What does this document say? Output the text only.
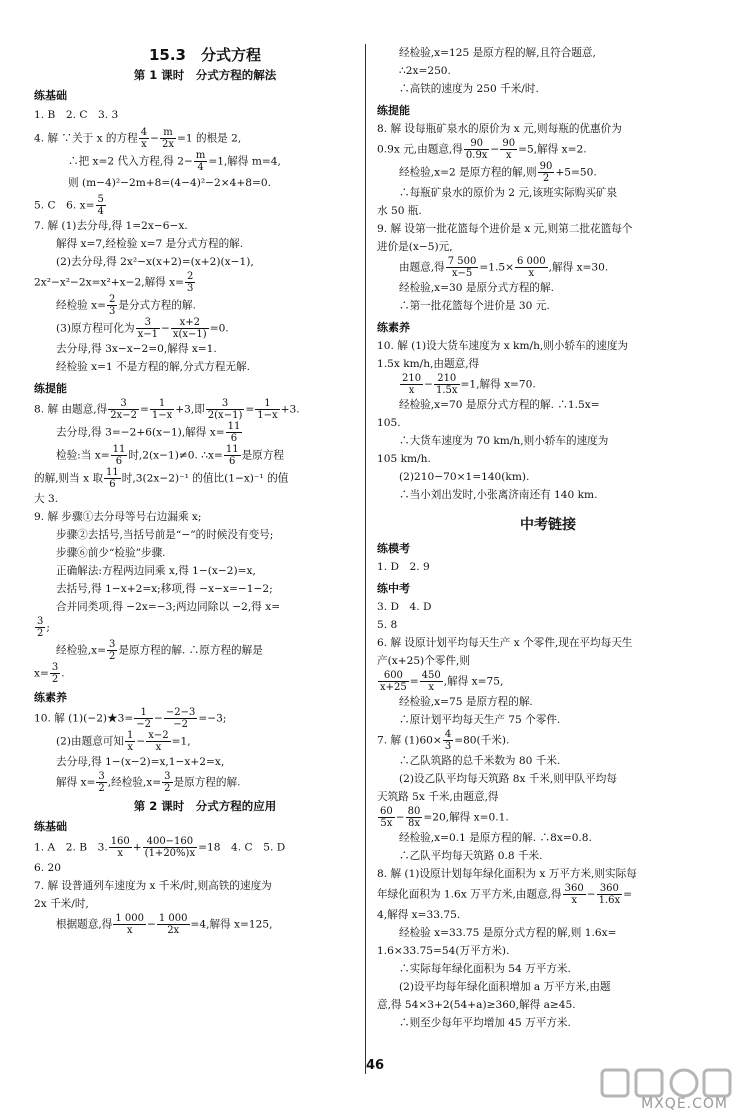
15.3　分式方程
第 1 课时　分式方程的解法
练基础
1. B　2. C　3. 3
4. 解 ∵关于 x 的方程 $\frac{4}{x} - \frac{m}{2x} =1$ 的根是 2,
∴把 x=2 代入方程,得 $2- \frac{m}{4} =1$,解得 m=4,
则 (m−4)²−2m+8=(4−4)²−2×4+8=0.
5. C　6. $x= \frac{5}{4}$
7. 解 (1)去分母,得 1=2x−6−x.
解得 x=7,经检验 x=7 是分式方程的解.
(2)去分母,得 2x²−x(x+2)=(x+2)(x−1),
2x²−x²−2x=x²+x−2,解得 $x= \frac{2}{3}$
经检验 $x= \frac{2}{3}$ 是分式方程的解.
(3)原方程可化为 $\frac{3}{x-1} - \frac{x+2}{x(x-1)} =0$.
去分母,得 3x−x−2=0,解得 x=1.
经检验 x=1 不是方程的解,分式方程无解.
练提能
8. 解 由题意,得 $\frac{3}{2x-2} = \frac{1}{1-x} +3$,即 $\frac{3}{2(x-1)} = \frac{1}{1-x} +3$.
去分母,得 3=−2+6(x−1),解得 $x= \frac{11}{6}$
检验:当 $x= \frac{11}{6}$ 时,2(x−1)≠0. ∴x= $\frac{11}{6}$ 是原方程
的解,则当 x 取 $\frac{11}{6}$ 时,3(2x−2)⁻¹ 的值比(1−x)⁻¹ 的值
大 3.
9. 解 步骤①去分母等号右边漏乘 x;
步骤②去括号,当括号前是“−”的时候没有变号;
步骤⑥前少“检验”步骤.
正确解法:方程两边同乘 x,得 1−(x−2)=x,
去括号,得 1−x+2=x;移项,得 −x−x=−1−2;
合并同类项,得 −2x=−3;两边同除以 −2,得 x=
$\frac{3}{2}$ ;
经检验$,x= \frac{3}{2}$ 是原方程的解. ∴原方程的解是
$x= \frac{3}{2}$ .
练素养
10. 解 (1)(−2)★3= $\frac{1}{-2} - \frac{-2-3}{-2} =-3$;
(2)由题意可知 $\frac{1}{x} - \frac{x-2}{x} =1$,
去分母,得 1−(x−2)=x,1−x+2=x,
解得 $x= \frac{3}{2}$ ,经检验$,x= \frac{3}{2}$ 是原方程的解.
第 2 课时　分式方程的应用
练基础
1. A　2. B　3. $\frac{160}{x} + \frac{400-160}{(1+20\%)x} =18$　4. C　5. D
6. 20
7. 解 设普通列车速度为 x 千米/时,则高铁的速度为
2x 千米/时,
根据题意,得 $\frac{1 000}{x} - \frac{1 000}{2x} =4$,解得 x=125,
经检验,x=125 是原方程的解,且符合题意,
∴2x=250.
∴高铁的速度为 250 千米/时.
练提能
8. 解 设每瓶矿泉水的原价为 x 元,则每瓶的优惠价为
0.9x 元,由题意,得 $\frac{90}{0.9x} - \frac{90}{x} =5$,解得 x=2.
经检验,x=2 是原方程的解,则 $\frac{90}{2} +5=50$.
∴每瓶矿泉水的原价为 2 元,该班实际购买矿泉
水 50 瓶.
9. 解 设第一批花篮每个进价是 x 元,则第二批花篮每个
进价是(x−5)元,
由题意,得 $\frac{7 500}{x-5} =1.5\times \frac{6 000}{x}$ ,解得 x=30.
经检验,x=30 是原分式方程的解.
∴第一批花篮每个进价是 30 元.
练素养
10. 解 (1)设大货车速度为 x km/h,则小轿车的速度为
1.5x km/h,由题意,得
$\frac{210}{x} - \frac{210}{1.5x} =1$,解得 x=70.
经检验,x=70 是原分式方程的解. ∴1.5x=
105.
∴大货车速度为 70 km/h,则小轿车的速度为
105 km/h.
(2)210−70×1=140(km).
∴当小刘出发时,小张离济南还有 140 km.
中考链接
练模考
1. D　2. 9
练中考
3. D　4. D
5. 8
6. 解 设原计划平均每天生产 x 个零件,现在平均每天生
产(x+25)个零件,则
$\frac{600}{x+25} = \frac{450}{x}$ ,解得 x=75,
经检验,x=75 是原方程的解.
∴原计划平均每天生产 75 个零件.
7. 解 $(1)60\times \frac{4}{3} =80$(千米).
∴乙队筑路的总千米数为 80 千米.
(2)设乙队平均每天筑路 8x 千米,则甲队平均每
天筑路 5x 千米,由题意,得
$\frac{60}{5x} - \frac{80}{8x} =20$,解得 x=0.1.
经检验,x=0.1 是原方程的解. ∴8x=0.8.
∴乙队平均每天筑路 0.8 千米.
8. 解 (1)设原计划每年绿化面积为 x 万平方米,则实际每
年绿化面积为 1.6x 万平方米,由题意,得 $\frac{360}{x} - \frac{360}{1.6x}$ =
4,解得 x=33.75.
经检验 x=33.75 是原分式方程的解,则 1.6x=
1.6×33.75=54(万平方米).
∴实际每年绿化面积为 54 万平方米.
(2)设平均每年绿化面积增加 a 万平方米,由题
意,得 54×3+2(54+a)≥360,解得 a≥45.
∴则至少每年平均增加 45 万平方米.
46
MXQE.COM
